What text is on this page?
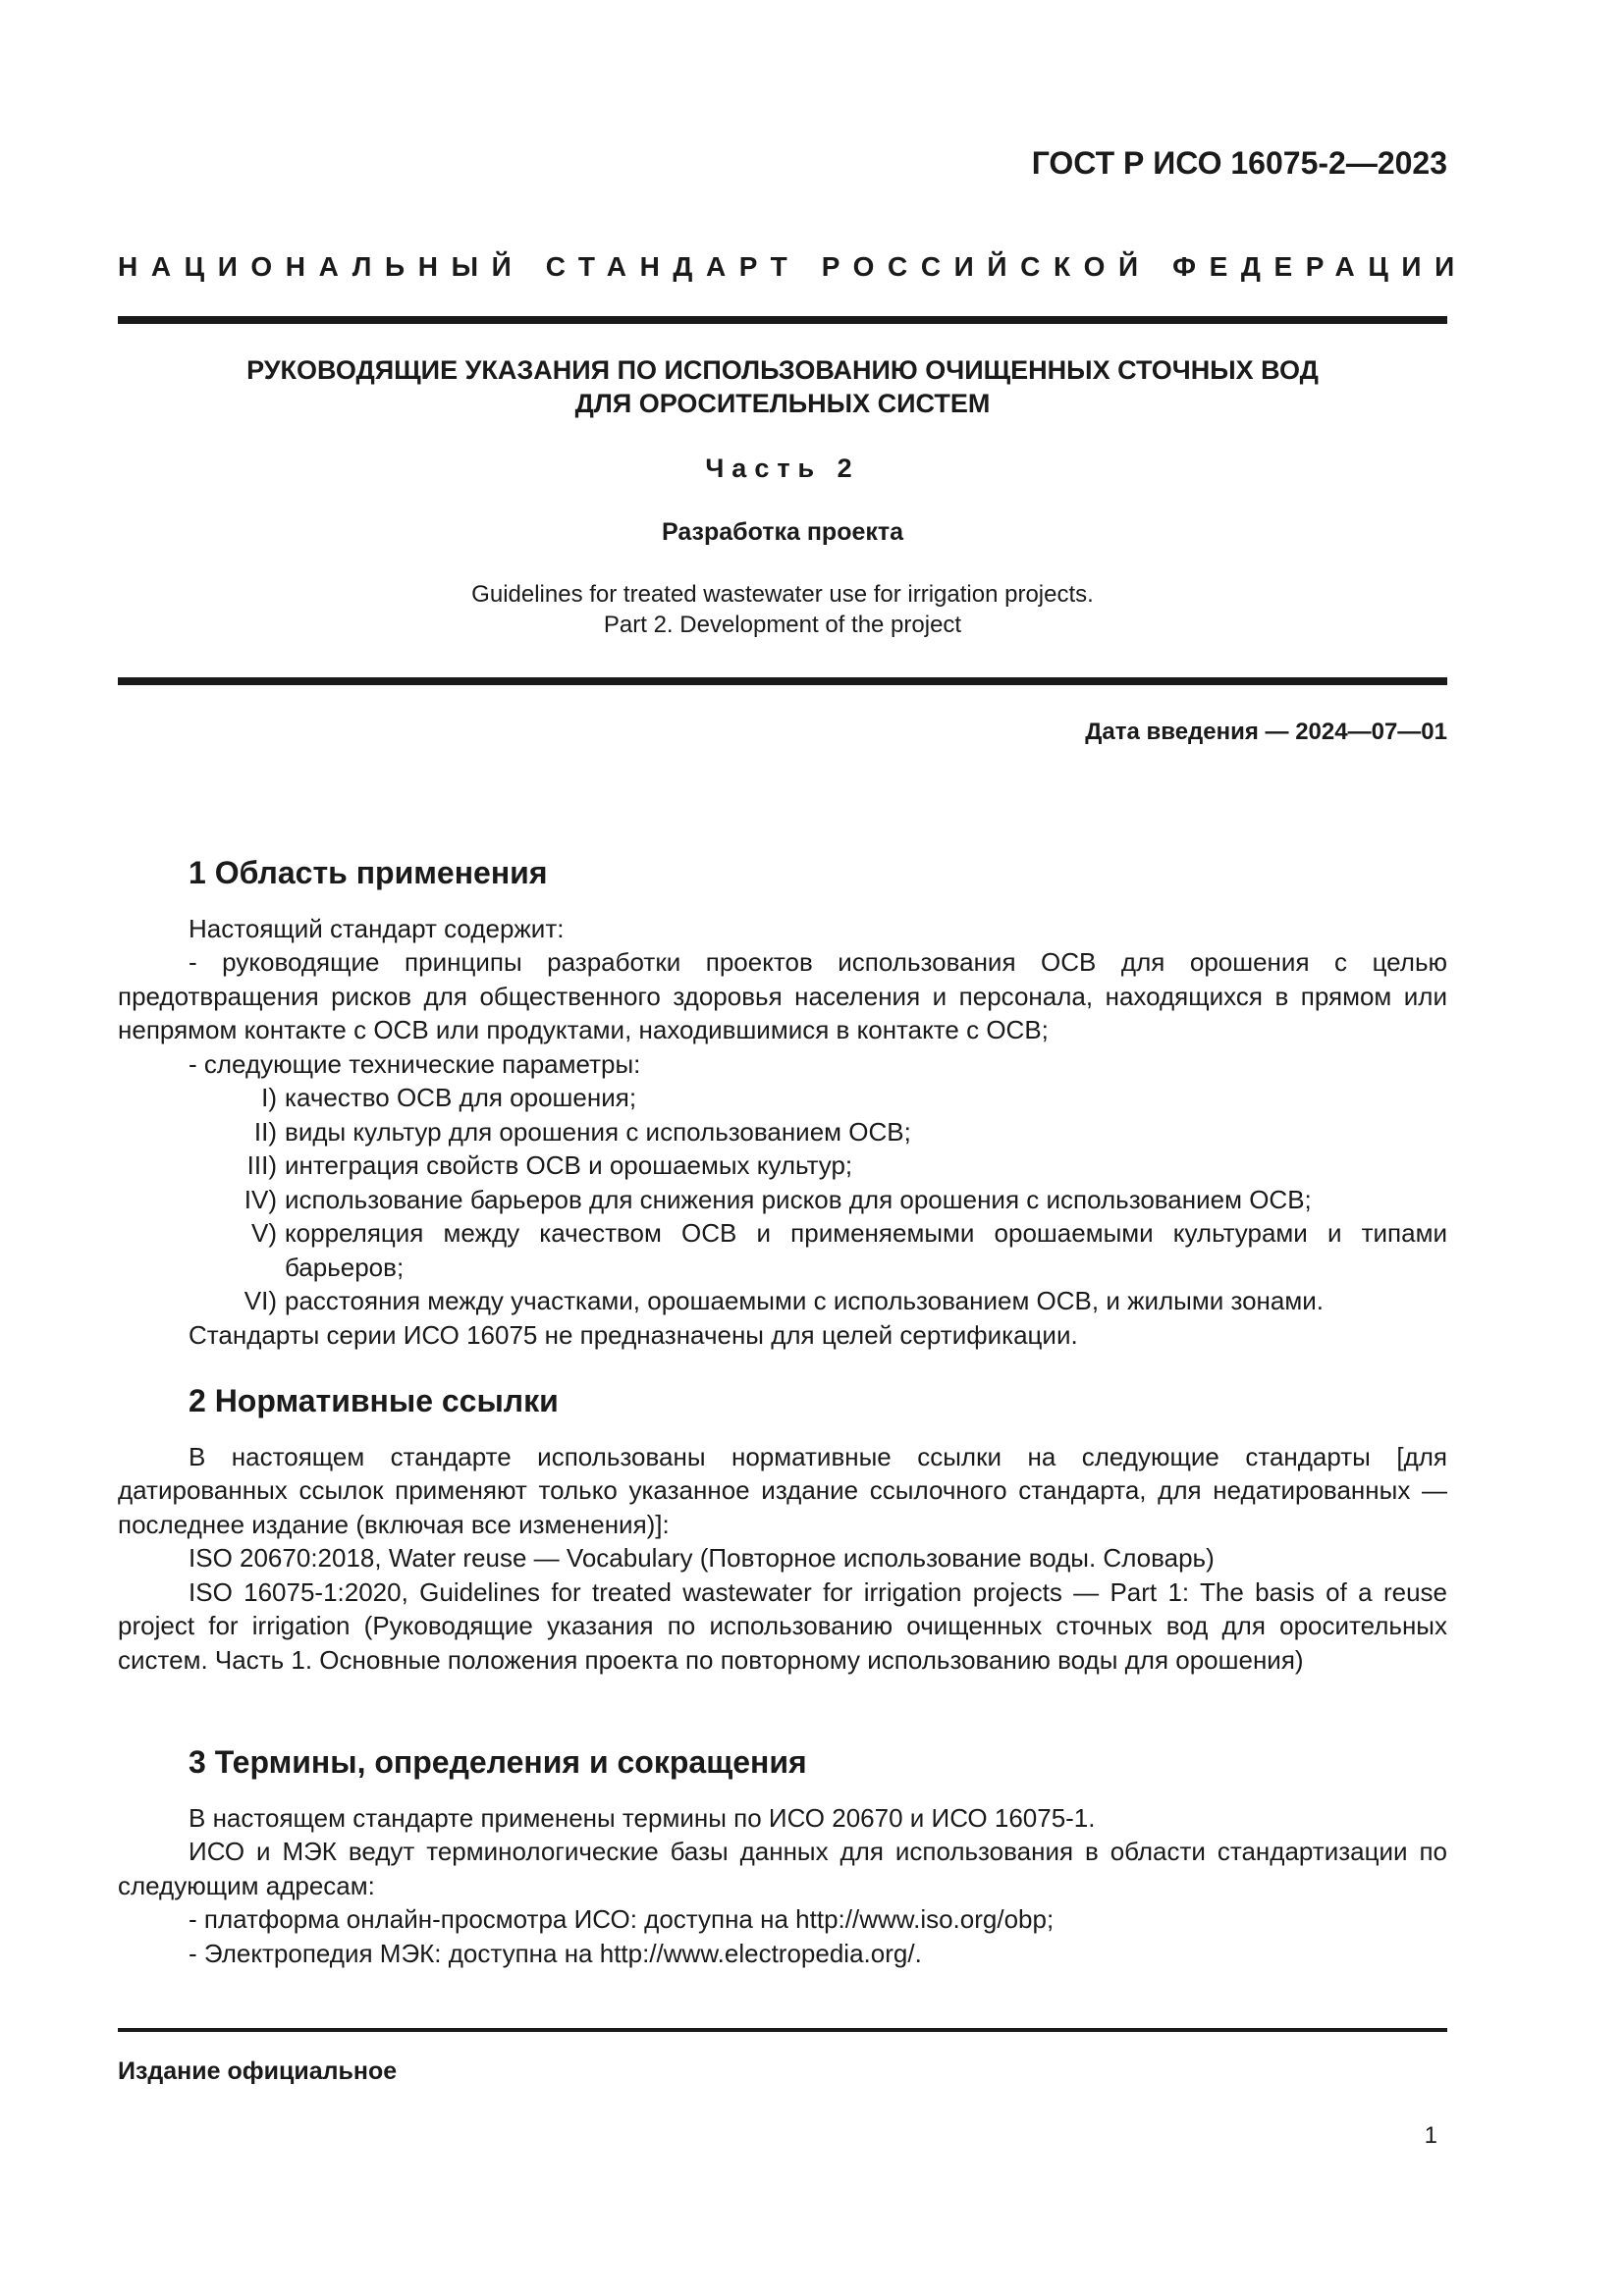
ГОСТ Р ИСО 16075-2—2023
НАЦИОНАЛЬНЫЙ СТАНДАРТ РОССИЙСКОЙ ФЕДЕРАЦИИ
РУКОВОДЯЩИЕ УКАЗАНИЯ ПО ИСПОЛЬЗОВАНИЮ ОЧИЩЕННЫХ СТОЧНЫХ ВОД
ДЛЯ ОРОСИТЕЛЬНЫХ СИСТЕМ
Часть 2
Разработка проекта
Guidelines for treated wastewater use for irrigation projects.
Part 2. Development of the project
Дата введения — 2024—07—01
1 Область применения

Настоящий стандарт содержит:

- руководящие принципы разработки проектов использования ОСВ для орошения с целью предотвращения рисков для общественного здоровья населения и персонала, находящихся в прямом или непрямом контакте с ОСВ или продуктами, находившимися в контакте с ОСВ;

- следующие технические параметры:

I) качество ОСВ для орошения;
II) виды культур для орошения с использованием ОСВ;
III) интеграция свойств ОСВ и орошаемых культур;
IV) использование барьеров для снижения рисков для орошения с использованием ОСВ;
V) корреляция между качеством ОСВ и применяемыми орошаемыми культурами и типами барьеров;
VI) расстояния между участками, орошаемыми с использованием ОСВ, и жилыми зонами.

Стандарты серии ИСО 16075 не предназначены для целей сертификации.

2 Нормативные ссылки

В настоящем стандарте использованы нормативные ссылки на следующие стандарты [для датированных ссылок применяют только указанное издание ссылочного стандарта, для недатированных — последнее издание (включая все изменения)]:

ISO 20670:2018, Water reuse — Vocabulary (Повторное использование воды. Словарь)

ISO 16075-1:2020, Guidelines for treated wastewater for irrigation projects — Part 1: The basis of a reuse project for irrigation (Руководящие указания по использованию очищенных сточных вод для оросительных систем. Часть 1. Основные положения проекта по повторному использованию воды для орошения)

3 Термины, определения и сокращения

В настоящем стандарте применены термины по ИСО 20670 и ИСО 16075-1.

ИСО и МЭК ведут терминологические базы данных для использования в области стандартизации по следующим адресам:

- платформа онлайн-просмотра ИСО: доступна на http://www.iso.org/obp;

- Электропедия МЭК: доступна на http://www.electropedia.org/.

Издание официальное
1
